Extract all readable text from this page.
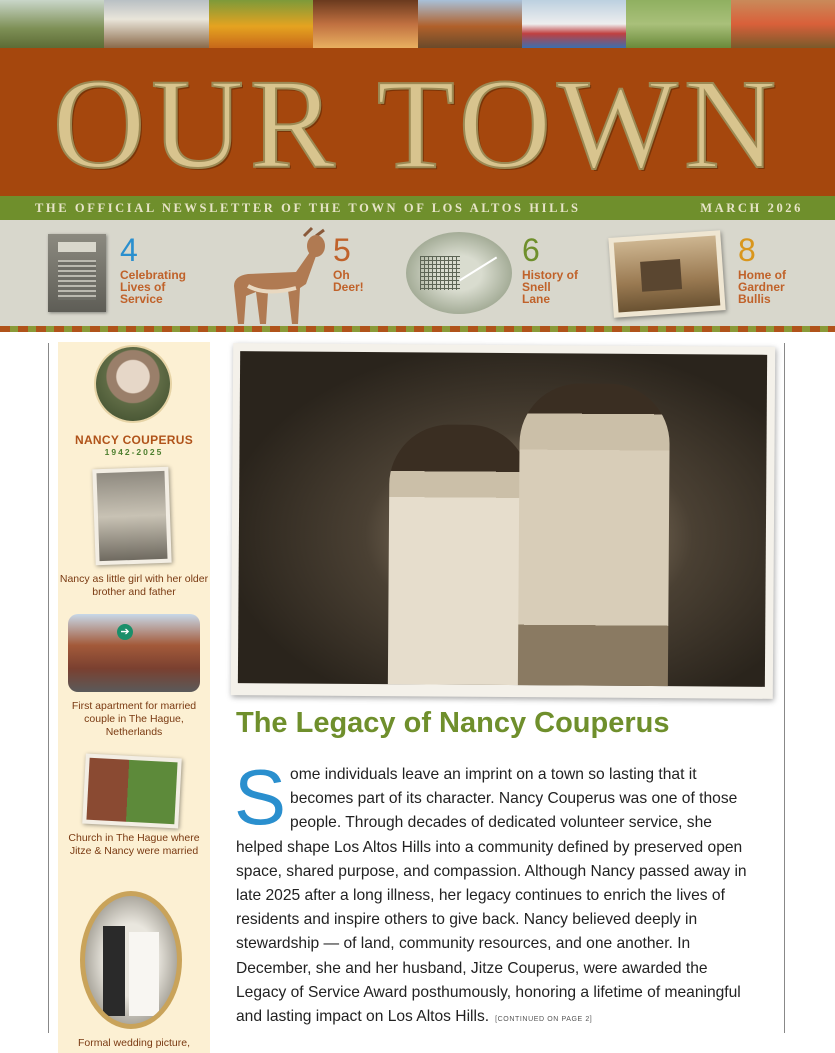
OUR TOWN
THE OFFICIAL NEWSLETTER OF THE TOWN OF LOS ALTOS HILLS	MARCH 2026
4
Celebrating Lives of Service
5
Oh Deer!
6
History of Snell Lane
8
Home of Gardner Bullis
NANCY COUPERUS
1942-2025
Nancy as little girl with her older brother and father
➔
First apartment for married couple in The Hague, Netherlands
Church in The Hague where Jitze & Nancy were married
Formal wedding picture,
The Legacy of Nancy Couperus
Some individuals leave an imprint on a town so lasting that it becomes part of its character. Nancy Couperus was one of those people. Through decades of dedicated volunteer service, she helped shape Los Altos Hills into a community defined by preserved open space, shared purpose, and compassion. Although Nancy passed away in late 2025 after a long illness, her legacy continues to enrich the lives of residents and inspire others to give back. Nancy believed deeply in stewardship — of land, community resources, and one another. In December, she and her husband, Jitze Couperus, were awarded the Legacy of Service Award posthumously, honoring a lifetime of meaningful and lasting impact on Los Altos Hills. [CONTINUED ON PAGE 2]
